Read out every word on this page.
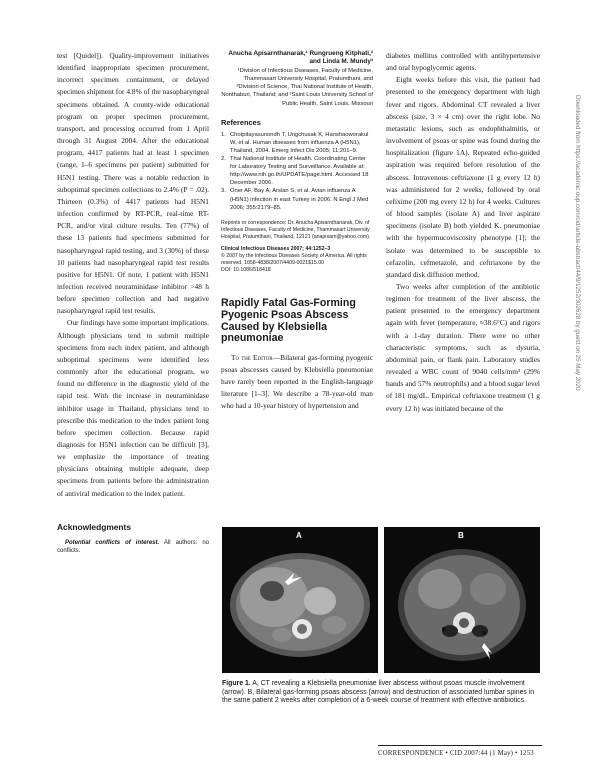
test [Quidel]). Quality-improvement initiatives identified inappropriate specimen procurement, incorrect specimen containment, or delayed specimen shipment for 4.8% of the nasopharyngeal specimens obtained. A county-wide educational program on proper specimen procurement, transport, and processing occurred from 1 April through 31 August 2004. After the educational program, 4417 patients had at least 1 specimen (range, 1–6 specimens per patient) submitted for H5N1 testing. There was a notable reduction in suboptimal specimen collections to 2.4% (P = .02). Thirteen (0.3%) of 4417 patients had H5N1 infection confirmed by RT-PCR, real-time RT-PCR, and/or viral culture results. Ten (77%) of these 13 patients had specimens submitted for nasopharyngeal rapid testing, and 3 (30%) of these 10 patients had nasopharyngeal rapid test results positive for H5N1. Of note, 1 patient with H5N1 infection received neuraminidase inhibitor >48 h before specimen collection and had negative nasopharyngeal rapid test results.

Our findings have some important implications. Although physicians tend to submit multiple specimens from each index patient, and although suboptimal specimens were identified less commonly after the educational program, we found no difference in the diagnostic yield of the rapid test. With the increase in neuraminidase inhibitor usage in Thailand, physicians tend to prescribe this medication to the index patient long before specimen collection. Because rapid diagnosis for H5N1 infection can be difficult [3], we emphasize the importance of treating physicians obtaining multiple adequate, deep specimens from patients before the administration of antiviral medication to the index patient.

Acknowledgments

Potential conflicts of interest. All authors: no conflicts.

Anucha Apisarnthanarak,¹ Rungrueng Kitphati,² and Linda M. Mundy³
¹Division of Infectious Diseases, Faculty of Medicine, Thammasart University Hospital, Pratumthani, and ²Division of Science, Thai National Institute of Health, Nonthaburi, Thailand; and ³Saint Louis University School of Public Health, Saint Louis, Missouri
References
1. Chotpitayasunondh T, Ungchusak K, Hanshaoworakul W, et al. Human diseases from influenza A (H5N1), Thailand, 2004. Emerg Infect Dis 2005; 11:201–9.
2. Thai National Institute of Health. Coordinating Center for Laboratory Testing and Surveillance. Available at: http://www.nih.go.th/UPDATE/page.html. Accessed 18 December 2006.
3. Oner AF, Bay A, Arslan S, et al. Avian influenza A (H5N1) infection in east Turkey in 2006. N Engl J Med 2006; 355:2179–85.
Reprints or correspondence: Dr. Anucha Apisarnthanarak, Div. of Infectious Diseases, Faculty of Medicine, Thammasart University Hospital, Pratumthani, Thailand, 12121 (anapisarn@yahoo.com).
Clinical Infectious Diseases 2007; 44:1252–3
© 2007 by the Infectious Diseases Society of America. All rights reserved. 1058-4838/2007/4409-0021$15.00
DOI: 10.1086/518418
Rapidly Fatal Gas-Forming Pyogenic Psoas Abscess Caused by Klebsiella pneumoniae

To the Editor—Bilateral gas-forming pyogenic psoas abscesses caused by Klebsiella pneumoniae have rarely been reported in the English-language literature [1–3]. We describe a 78-year-old man who had a 10-year history of hypertension and

diabetes mellitus controlled with antihypertensive and oral hypoglycemic agents.

Eight weeks before this visit, the patient had presented to the emergency department with high fever and rigors. Abdominal CT revealed a liver abscess (size, 3 × 4 cm) over the right lobe. No metastatic lesions, such as endophthalmitis, or involvement of psoas or spine was found during the hospitalization (figure 1A). Repeated echo-guided aspiration was required before resolution of the abscess. Intravenous ceftriaxone (1 g every 12 h) was administered for 2 weeks, followed by oral cefixime (200 mg every 12 h) for 4 weeks. Cultures of blood samples (isolate A) and liver aspirate specimens (isolate B) both yielded K. pneumoniae with the hypermucoviscosity phenotype [1]; the isolate was determined to be susceptible to cefazolin, cefmetazole, and ceftriaxone by the standard disk diffusion method.

Two weeks after completion of the antibiotic regimen for treatment of the liver abscess, the patient presented to the emergency department again with fever (temperature, ≈38.6°C) and rigors with a 1-day duration. There were no other characteristic symptoms, such as dysuria, abdominal pain, or flank pain. Laboratory studies revealed a WBC count of 9040 cells/mm³ (29% bands and 57% neutrophils) and a blood sugar level of 181 mg/dL. Empirical ceftriaxone treatment (1 g every 12 h) was initiated because of the

A	B
Figure 1. A, CT revealing a Klebsiella pneumoniae liver abscess without psoas muscle involvement (arrow). B, Bilateral gas-forming psoas abscess (arrow) and destruction of associated lumbar spines in the same patient 2 weeks after completion of a 6-week course of treatment with effective antibiotics.
CORRESPONDENCE • CID 2007:44 (1 May) • 1253
Downloaded from https://academic.oup.com/cid/article-abstract/44/9/1252/302628 by guest on 25 May 2020
